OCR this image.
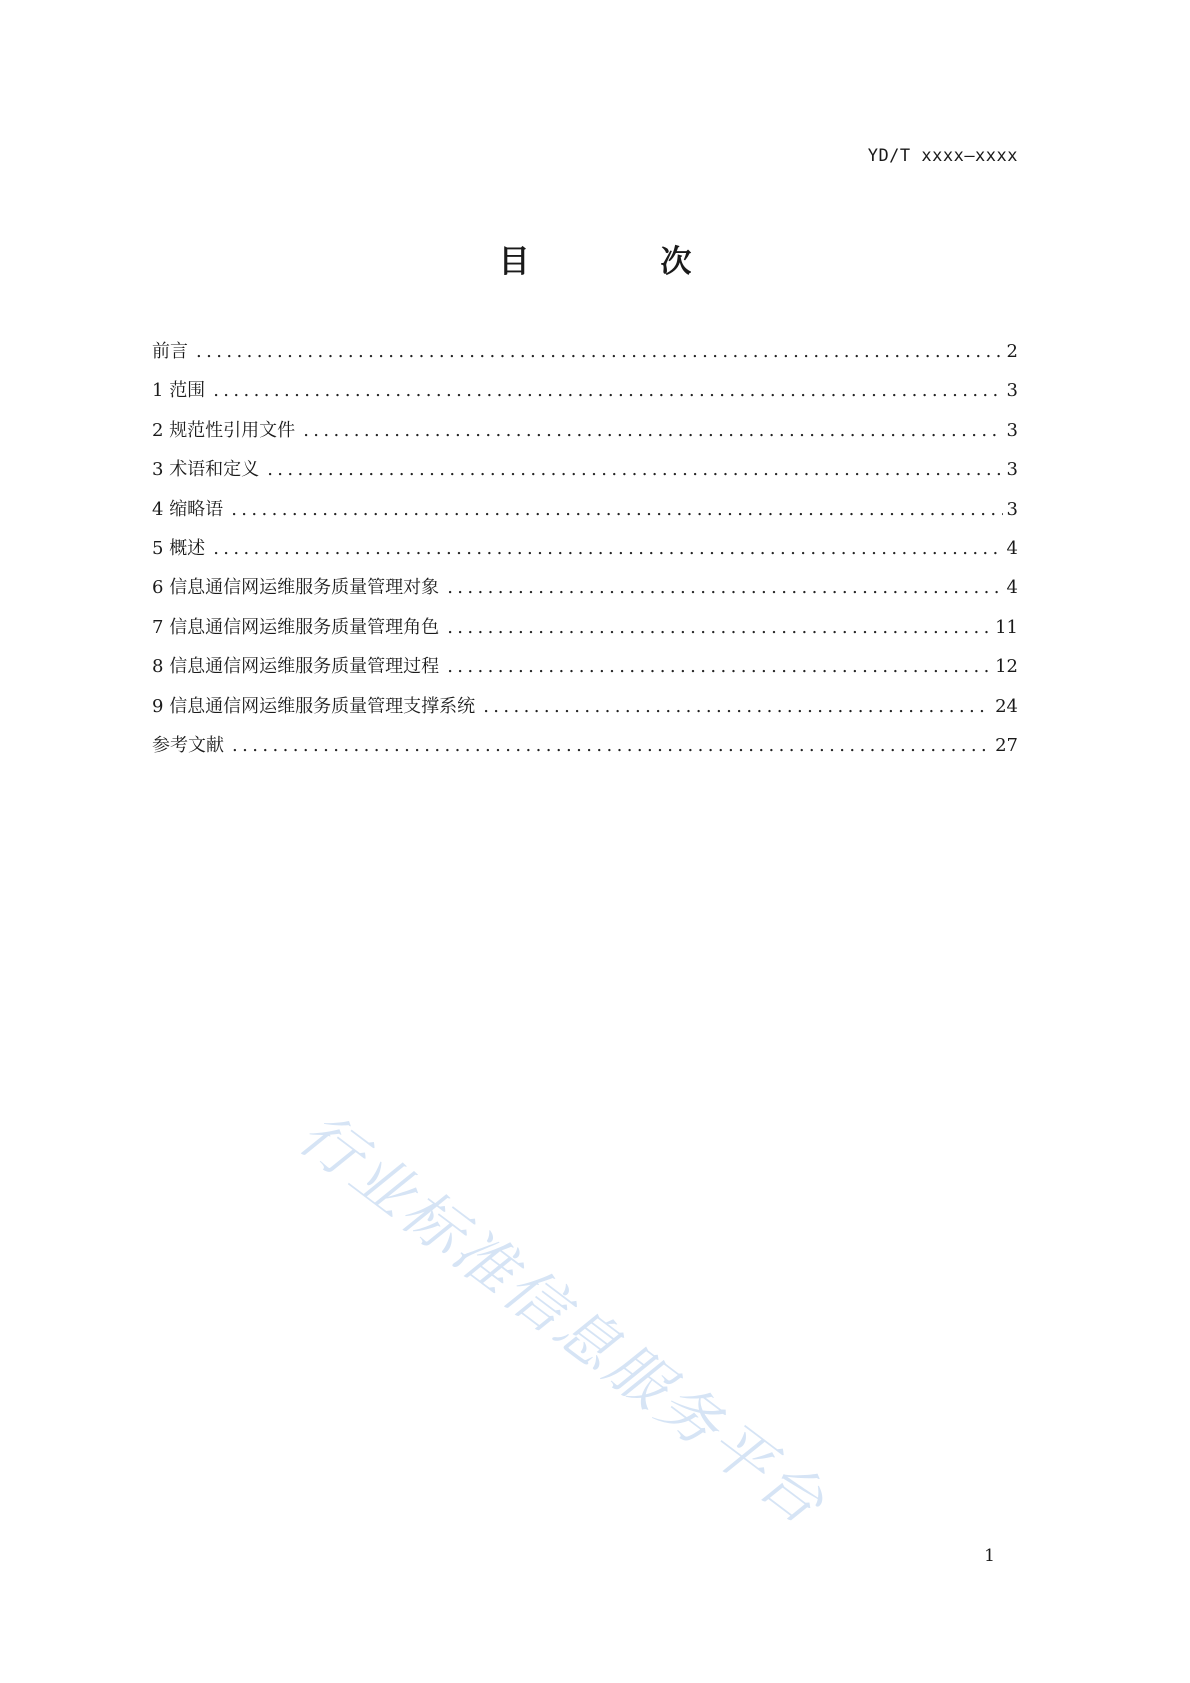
YD/T xxxx—xxxx
目 次
前言 .....	2
1 范围 .....	3
2 规范性引用文件 .....	3
3 术语和定义 .....	3
4 缩略语 .....	3
5 概述 .....	4
6 信息通信网运维服务质量管理对象 .....	4
7 信息通信网运维服务质量管理角色 .....	11
8 信息通信网运维服务质量管理过程 .....	12
9 信息通信网运维服务质量管理支撑系统 .....	24
参考文献 .....	27
行业标准信息服务平台
1
